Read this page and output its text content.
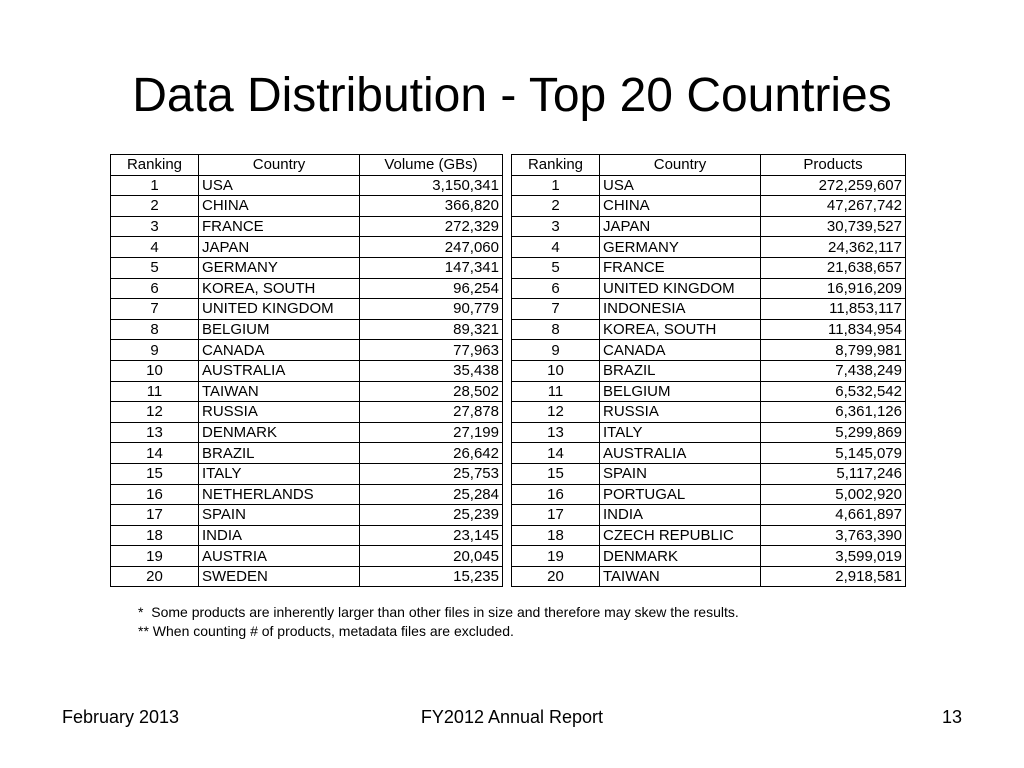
Data Distribution - Top 20 Countries
Ranking	Country	Volume (GBs)
1	USA	3,150,341
2	CHINA	366,820
3	FRANCE	272,329
4	JAPAN	247,060
5	GERMANY	147,341
6	KOREA, SOUTH	96,254
7	UNITED KINGDOM	90,779
8	BELGIUM	89,321
9	CANADA	77,963
10	AUSTRALIA	35,438
11	TAIWAN	28,502
12	RUSSIA	27,878
13	DENMARK	27,199
14	BRAZIL	26,642
15	ITALY	25,753
16	NETHERLANDS	25,284
17	SPAIN	25,239
18	INDIA	23,145
19	AUSTRIA	20,045
20	SWEDEN	15,235
Ranking	Country	Products
1	USA	272,259,607
2	CHINA	47,267,742
3	JAPAN	30,739,527
4	GERMANY	24,362,117
5	FRANCE	21,638,657
6	UNITED KINGDOM	16,916,209
7	INDONESIA	11,853,117
8	KOREA, SOUTH	11,834,954
9	CANADA	8,799,981
10	BRAZIL	7,438,249
11	BELGIUM	6,532,542
12	RUSSIA	6,361,126
13	ITALY	5,299,869
14	AUSTRALIA	5,145,079
15	SPAIN	5,117,246
16	PORTUGAL	5,002,920
17	INDIA	4,661,897
18	CZECH REPUBLIC	3,763,390
19	DENMARK	3,599,019
20	TAIWAN	2,918,581
*  Some products are inherently larger than other files in size and therefore may skew the results.
** When counting # of products, metadata files are excluded.
February 2013	FY2012 Annual Report	13
